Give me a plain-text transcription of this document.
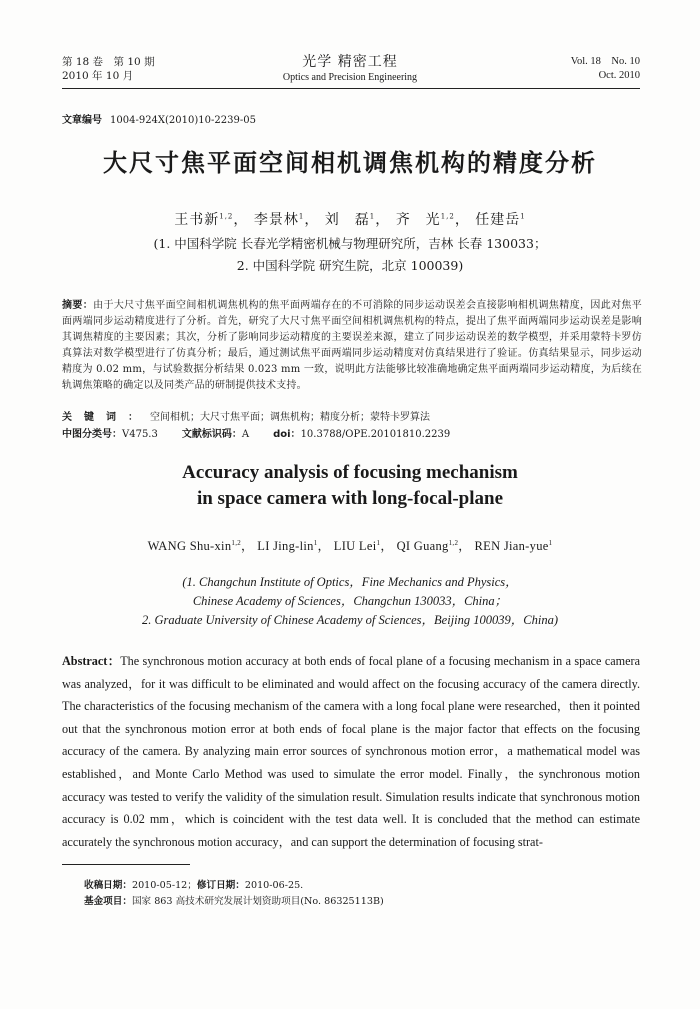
第 18 卷　第 10 期
2010 年 10 月
光学 精密工程
Optics and Precision Engineering
Vol. 18　No. 10
Oct. 2010
文章编号 1004-924X(2010)10-2239-05
大尺寸焦平面空间相机调焦机构的精度分析
王书新$^{1,2}$， 李景林$^1$， 刘　磊$^1$， 齐　光$^{1,2}$， 任建岳$^1$
(1. 中国科学院 长春光学精密机械与物理研究所，吉林 长春 130033；
2. 中国科学院 研究生院，北京 100039)
摘要：由于大尺寸焦平面空间相机调焦机构的焦平面两端存在的不可消除的同步运动误差会直接影响相机调焦精度，因此对焦平面两端同步运动精度进行了分析。首先，研究了大尺寸焦平面空间相机调焦机构的特点，提出了焦平面两端同步运动误差是影响其调焦精度的主要因素；其次，分析了影响同步运动精度的主要误差来源，建立了同步运动误差的数学模型，并采用蒙特卡罗仿真算法对数学模型进行了仿真分析；最后，通过测试焦平面两端同步运动精度对仿真结果进行了验证。仿真结果显示，同步运动精度为 0.02 mm，与试验数据分析结果 0.023 mm 一致，说明此方法能够比较准确地确定焦平面两端同步运动精度，为后续在轨调焦策略的确定以及同类产品的研制提供技术支持。
关键词：空间相机；大尺寸焦平面；调焦机构；精度分析；蒙特卡罗算法
中图分类号：V475.3 文献标识码：A doi：10.3788/OPE.20101810.2239
Accuracy analysis of focusing mechanism
in space camera with long-focal-plane
WANG Shu-xin$^{1,2}$， LI Jing-lin$^1$， LIU Lei$^1$， QI Guang$^{1,2}$， REN Jian-yue$^1$
(1. Changchun Institute of Optics，Fine Mechanics and Physics，
Chinese Academy of Sciences，Changchun 130033，China；
2. Graduate University of Chinese Academy of Sciences，Beijing 100039，China)
Abstract：The synchronous motion accuracy at both ends of focal plane of a focusing mechanism in a space camera was analyzed，for it was difficult to be eliminated and would affect on the focusing accuracy of the camera directly. The characteristics of the focusing mechanism of the camera with a long focal plane were researched，then it pointed out that the synchronous motion error at both ends of focal plane is the major factor that effects on the focusing accuracy of the camera. By analyzing main error sources of synchronous motion error，a mathematical model was established，and Monte Carlo Method was used to simulate the error model. Finally，the synchronous motion accuracy was tested to verify the validity of the simulation result. Simulation results indicate that synchronous motion accuracy is 0.02 mm，which is coincident with the test data well. It is concluded that the method can estimate accurately the synchronous motion accuracy，and can support the determination of focusing strat-
收稿日期：2010-05-12；修订日期：2010-06-25.
基金项目：国家 863 高技术研究发展计划资助项目(No. 86325113B)
